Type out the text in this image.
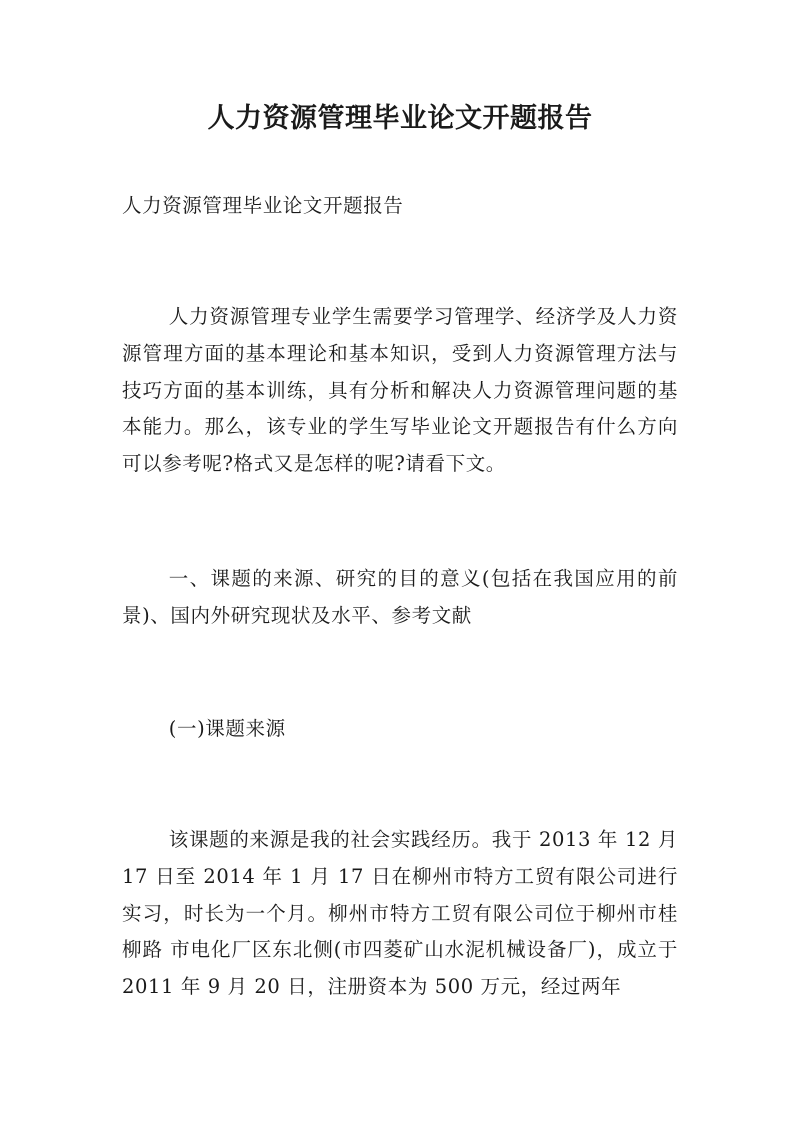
人力资源管理毕业论文开题报告

人力资源管理毕业论文开题报告

人力资源管理专业学生需要学习管理学、经济学及人力资源管理方面的基本理论和基本知识，受到人力资源管理方法与技巧方面的基本训练，具有分析和解决人力资源管理问题的基本能力。那么，该专业的学生写毕业论文开题报告有什么方向可以参考呢?格式又是怎样的呢?请看下文。

一、课题的来源、研究的目的意义(包括在我国应用的前景)、国内外研究现状及水平、参考文献

(一)课题来源

该课题的来源是我的社会实践经历。我于 2013 年 12 月 17 日至 2014 年 1 月 17 日在柳州市特方工贸有限公司进行实习，时长为一个月。柳州市特方工贸有限公司位于柳州市桂柳路 市电化厂区东北侧(市四菱矿山水泥机械设备厂)，成立于 2011 年 9 月 20 日，注册资本为 500 万元，经过两年
